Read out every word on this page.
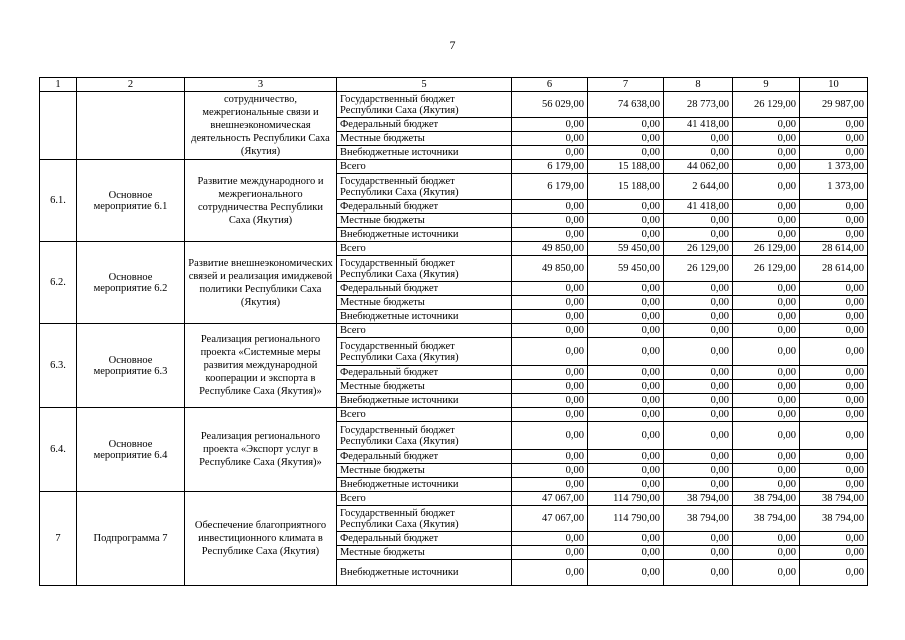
7
1	2	3	5	6	7	8	9	10
		сотрудничество, межрегиональные связи и внешнеэкономическая деятельность Республики Саха (Якутия)	Государственный бюджет Республики Саха (Якутия)	56 029,00	74 638,00	28 773,00	26 129,00	29 987,00
			Федеральный бюджет	0,00	0,00	41 418,00	0,00	0,00
			Местные бюджеты	0,00	0,00	0,00	0,00	0,00
			Внебюджетные источники	0,00	0,00	0,00	0,00	0,00
6.1.	Основное мероприятие 6.1	Развитие международного и межрегионального сотрудничества Республики Саха (Якутия)	Всего	6 179,00	15 188,00	44 062,00	0,00	1 373,00
			Государственный бюджет Республики Саха (Якутия)	6 179,00	15 188,00	2 644,00	0,00	1 373,00
			Федеральный бюджет	0,00	0,00	41 418,00	0,00	0,00
			Местные бюджеты	0,00	0,00	0,00	0,00	0,00
			Внебюджетные источники	0,00	0,00	0,00	0,00	0,00
6.2.	Основное мероприятие 6.2	Развитие внешнеэкономических связей и реализация имиджевой политики Республики Саха (Якутия)	Всего	49 850,00	59 450,00	26 129,00	26 129,00	28 614,00
			Государственный бюджет Республики Саха (Якутия)	49 850,00	59 450,00	26 129,00	26 129,00	28 614,00
			Федеральный бюджет	0,00	0,00	0,00	0,00	0,00
			Местные бюджеты	0,00	0,00	0,00	0,00	0,00
			Внебюджетные источники	0,00	0,00	0,00	0,00	0,00
6.3.	Основное мероприятие 6.3	Реализация регионального проекта «Системные меры развития международной кооперации и экспорта в Республике Саха (Якутия)»	Всего	0,00	0,00	0,00	0,00	0,00
			Государственный бюджет Республики Саха (Якутия)	0,00	0,00	0,00	0,00	0,00
			Федеральный бюджет	0,00	0,00	0,00	0,00	0,00
			Местные бюджеты	0,00	0,00	0,00	0,00	0,00
			Внебюджетные источники	0,00	0,00	0,00	0,00	0,00
6.4.	Основное мероприятие 6.4	Реализация регионального проекта «Экспорт услуг в Республике Саха (Якутия)»	Всего	0,00	0,00	0,00	0,00	0,00
			Государственный бюджет Республики Саха (Якутия)	0,00	0,00	0,00	0,00	0,00
			Федеральный бюджет	0,00	0,00	0,00	0,00	0,00
			Местные бюджеты	0,00	0,00	0,00	0,00	0,00
			Внебюджетные источники	0,00	0,00	0,00	0,00	0,00
7	Подпрограмма 7	Обеспечение благоприятного инвестиционного климата в Республике Саха (Якутия)	Всего	47 067,00	114 790,00	38 794,00	38 794,00	38 794,00
			Государственный бюджет Республики Саха (Якутия)	47 067,00	114 790,00	38 794,00	38 794,00	38 794,00
			Федеральный бюджет	0,00	0,00	0,00	0,00	0,00
			Местные бюджеты	0,00	0,00	0,00	0,00	0,00
			Внебюджетные источники	0,00	0,00	0,00	0,00	0,00
